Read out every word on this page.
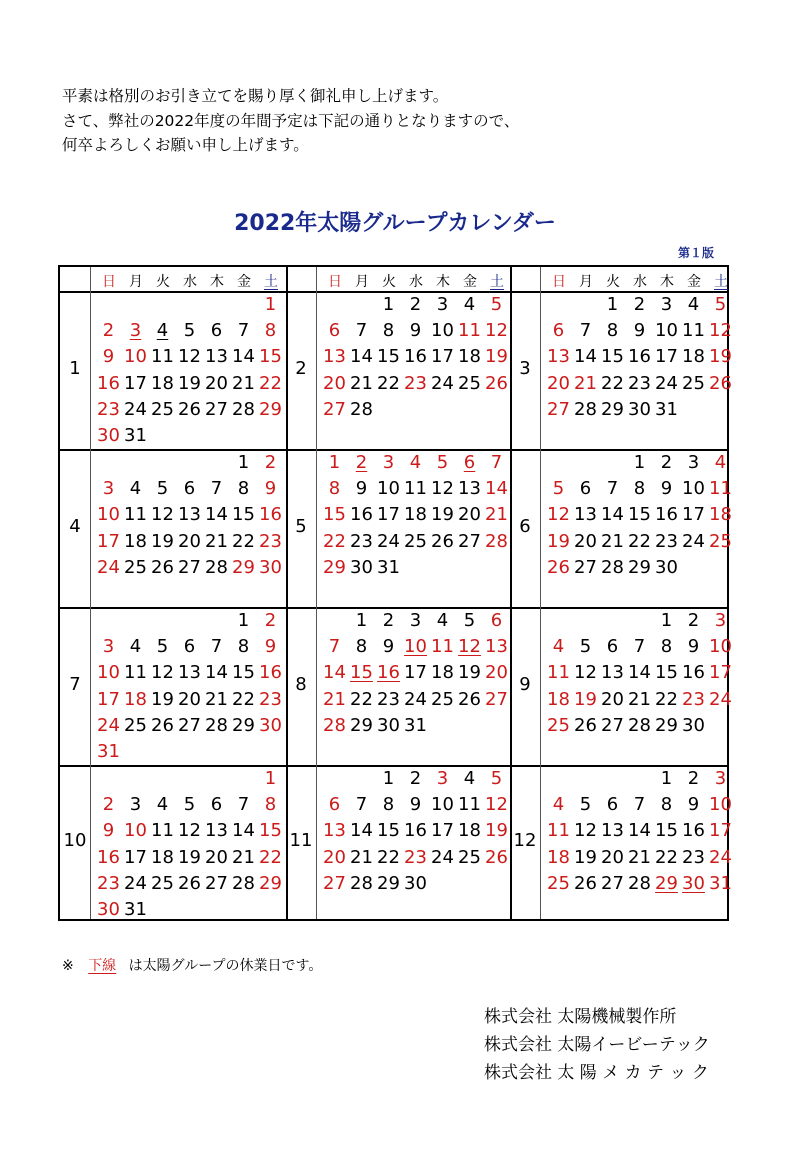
平素は格別のお引き立てを賜り厚く御礼申し上げます。
さて、弊社の2022年度の年間予定は下記の通りとなりますので、
何卒よろしくお願い申し上げます。
2022年太陽グループカレンダー
第１版
日 月 火 水 木 金 土	日 月 火 水 木 金 土	日 月 火 水 木 金 土
1
1
2 3 4 5 6 7 8
9 10 11 12 13 14 15
16 17 18 19 20 21 22
23 24 25 26 27 28 29
30 31
2
1 2 3 4 5
6 7 8 9 10 11 12
13 14 15 16 17 18 19
20 21 22 23 24 25 26
27 28
3
1 2 3 4 5
6 7 8 9 10 11 12
13 14 15 16 17 18 19
20 21 22 23 24 25 26
27 28 29 30 31
4
1 2
3 4 5 6 7 8 9
10 11 12 13 14 15 16
17 18 19 20 21 22 23
24 25 26 27 28 29 30
5
1 2 3 4 5 6 7
8 9 10 11 12 13 14
15 16 17 18 19 20 21
22 23 24 25 26 27 28
29 30 31
6
1 2 3 4
5 6 7 8 9 10 11
12 13 14 15 16 17 18
19 20 21 22 23 24 25
26 27 28 29 30
7
1 2
3 4 5 6 7 8 9
10 11 12 13 14 15 16
17 18 19 20 21 22 23
24 25 26 27 28 29 30
31
8
1 2 3 4 5 6
7 8 9 10 11 12 13
14 15 16 17 18 19 20
21 22 23 24 25 26 27
28 29 30 31
9
1 2 3
4 5 6 7 8 9 10
11 12 13 14 15 16 17
18 19 20 21 22 23 24
25 26 27 28 29 30
10
1
2 3 4 5 6 7 8
9 10 11 12 13 14 15
16 17 18 19 20 21 22
23 24 25 26 27 28 29
30 31
11
1 2 3 4 5
6 7 8 9 10 11 12
13 14 15 16 17 18 19
20 21 22 23 24 25 26
27 28 29 30
12
1 2 3
4 5 6 7 8 9 10
11 12 13 14 15 16 17
18 19 20 21 22 23 24
25 26 27 28 29 30 31
※ 下線 は太陽グループの休業日です。
株式会社 太陽機械製作所
株式会社 太陽イービーテック
株式会社 太 陽 メ カ テ ッ ク
